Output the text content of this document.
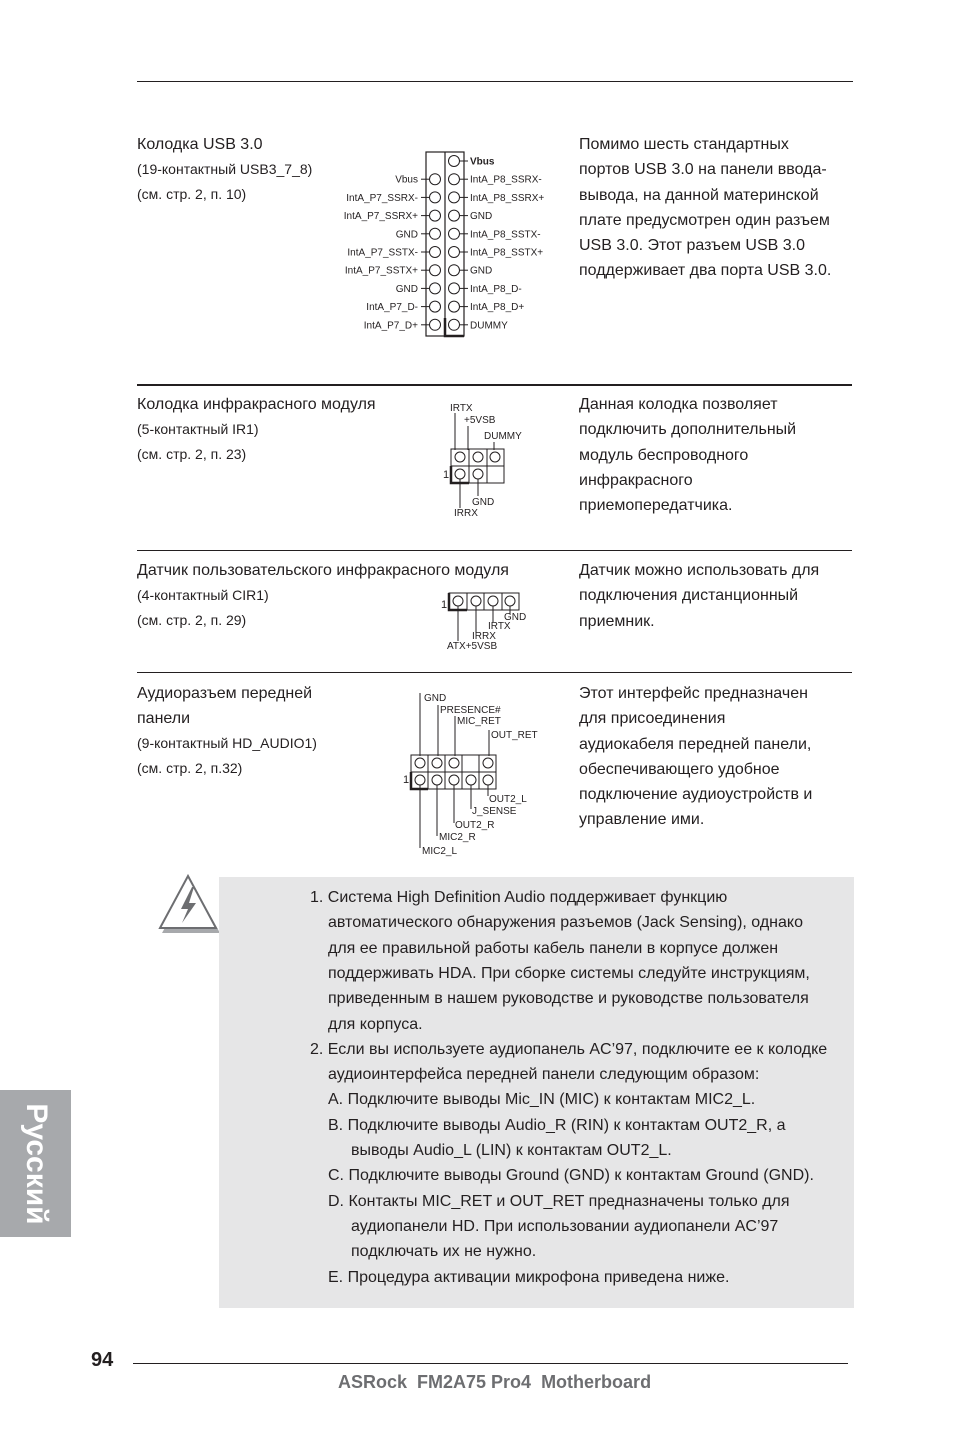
Колодка USB 3.0
(19-контактный USB3_7_8)
(см. стр. 2, п. 10)
Помимо шесть стандартных
портов USB 3.0 на панели ввода-
вывода, на данной материнской
плате предусмотрен один разъем
USB 3.0. Этот разъем USB 3.0
поддерживает два порта USB 3.0.
Vbus
IntA_P7_SSRX-
IntA_P7_SSRX+
GND
IntA_P7_SSTX-
IntA_P7_SSTX+
GND
IntA_P7_D-
IntA_P7_D+
Vbus
IntA_P8_SSRX-
IntA_P8_SSRX+
GND
IntA_P8_SSTX-
IntA_P8_SSTX+
GND
IntA_P8_D-
IntA_P8_D+
DUMMY
Колодка инфракрасного модуля
(5-контактный IR1)
(см. стр. 2, п. 23)
Данная колодка позволяет
подключить дополнительный
модуль беспроводного
инфракрасного
приемопередатчика.
IRTX
+5VSB
DUMMY
1
GND
IRRX
Датчик пользовательского инфракрасного модуля
(4-контактный CIR1)
(см. стр. 2, п. 29)
Датчик можно использовать для
подключения дистанционный
приемник.
1
GND
IRTX
IRRX
ATX+5VSB
Аудиоразъем передней
панели
(9-контактный HD_AUDIO1)
(см. стр. 2, п.32)
Этот интерфейс предназначен
для присоединения
аудиокабеля передней панели,
обеспечивающего удобное
подключение аудиоустройств и
управление ими.
GND
PRESENCE#
MIC_RET
OUT_RET
1
OUT2_L
J_SENSE
OUT2_R
MIC2_R
MIC2_L
1. Система High Definition Audio поддерживает функцию
автоматического обнаружения разъемов (Jack Sensing), однако
для ее правильной работы кабель панели в корпусе должен
поддерживать HDA. При сборке системы следуйте инструкциям,
приведенным в нашем руководстве и руководстве пользователя
для корпуса.
2. Если вы используете аудиопанель AC’97, подключите ее к колодке
аудиоинтерфейса передней панели следующим образом:
A. Подключите выводы Mic_IN (MIC) к контактам MIC2_L.
B. Подключите выводы Audio_R (RIN) к контактам OUT2_R, а
выводы Audio_L (LIN) к контактам OUT2_L.
C. Подключите выводы Ground (GND) к контактам Ground (GND).
D. Контакты MIC_RET и OUT_RET предназначены только для
аудиопанели HD. При использовании аудиопанели AC’97
подключать их не нужно.
E. Процедура активации микрофона приведена ниже.
Русский
94
ASRock  FM2A75 Pro4  Motherboard
